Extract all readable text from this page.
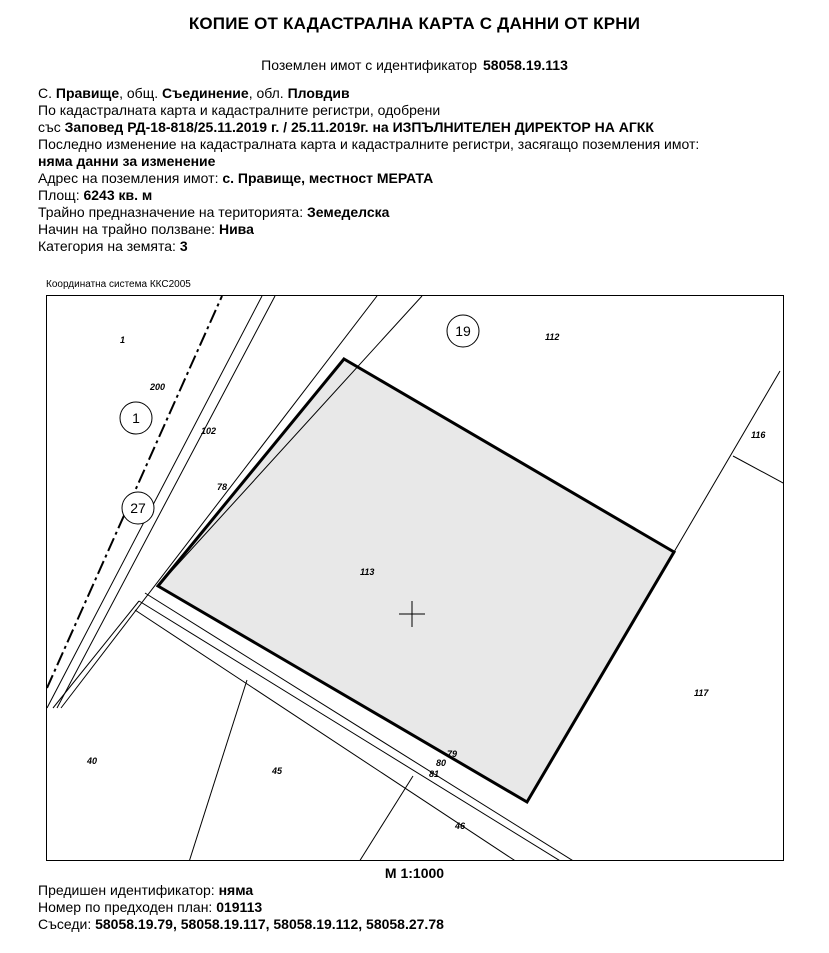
КОПИЕ ОТ КАДАСТРАЛНА КАРТА С ДАННИ ОТ КРНИ
Поземлен имот с идентификатор 58058.19.113
С. Правище, общ. Съединение, обл. Пловдив
По кадастралната карта и кадастралните регистри, одобрени
със Заповед РД-18-818/25.11.2019 г. / 25.11.2019г. на ИЗПЪЛНИТЕЛЕН ДИРЕКТОР НА АГКК
Последно изменение на кадастралната карта и кадастралните регистри, засягащо поземления имот:
няма данни за изменение
Адрес на поземления имот: с. Правище, местност МЕРАТА
Площ: 6243 кв. м
Трайно предназначение на територията: Земеделска
Начин на трайно ползване: Нива
Категория на земята: 3
Координатна система ККС2005
19
1
27
1
200
102
78
112
116
113
117
40
45
79
80
81
46
М 1:1000
Предишен идентификатор: няма
Номер по предходен план: 019113
Съседи: 58058.19.79, 58058.19.117, 58058.19.112, 58058.27.78
